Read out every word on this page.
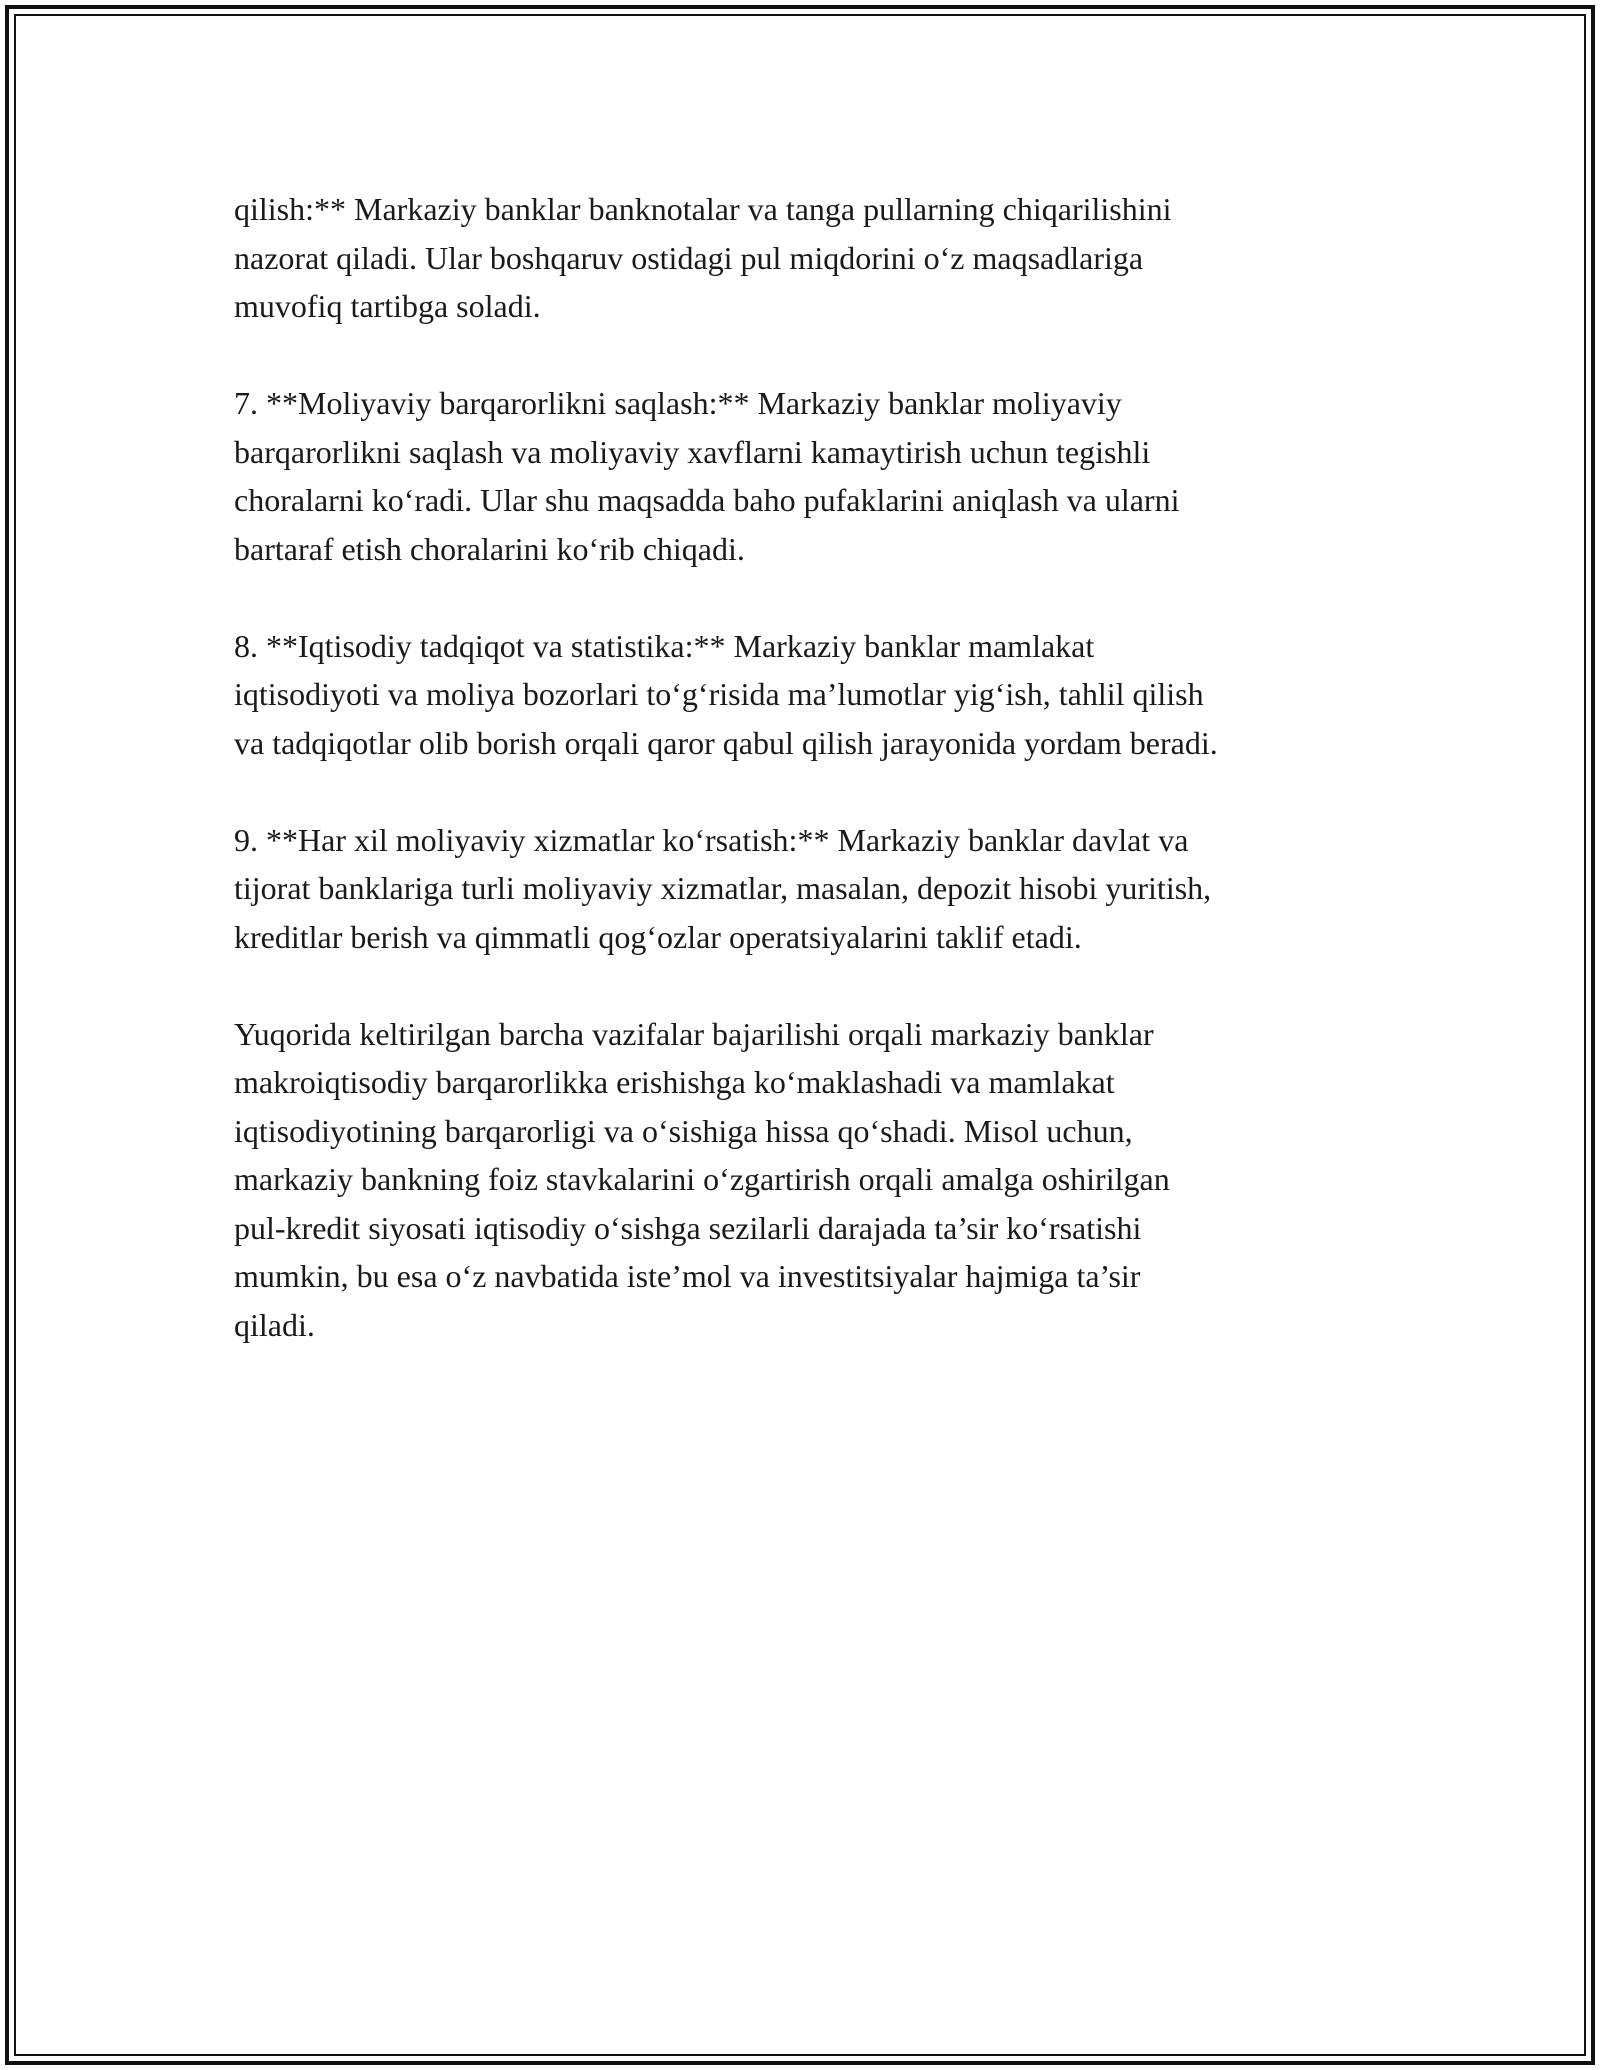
qilish:** Markaziy banklar banknotalar va tanga pullarning chiqarilishini
nazorat qiladi. Ular boshqaruv ostidagi pul miqdorini o‘z maqsadlariga
muvofiq tartibga soladi.

7. **Moliyaviy barqarorlikni saqlash:** Markaziy banklar moliyaviy
barqarorlikni saqlash va moliyaviy xavflarni kamaytirish uchun tegishli
choralarni ko‘radi. Ular shu maqsadda baho pufaklarini aniqlash va ularni
bartaraf etish choralarini ko‘rib chiqadi.

8. **Iqtisodiy tadqiqot va statistika:** Markaziy banklar mamlakat
iqtisodiyoti va moliya bozorlari to‘g‘risida ma’lumotlar yig‘ish, tahlil qilish
va tadqiqotlar olib borish orqali qaror qabul qilish jarayonida yordam beradi.

9. **Har xil moliyaviy xizmatlar ko‘rsatish:** Markaziy banklar davlat va
tijorat banklariga turli moliyaviy xizmatlar, masalan, depozit hisobi yuritish,
kreditlar berish va qimmatli qog‘ozlar operatsiyalarini taklif etadi.

Yuqorida keltirilgan barcha vazifalar bajarilishi orqali markaziy banklar
makroiqtisodiy barqarorlikka erishishga ko‘maklashadi va mamlakat
iqtisodiyotining barqarorligi va o‘sishiga hissa qo‘shadi. Misol uchun,
markaziy bankning foiz stavkalarini o‘zgartirish orqali amalga oshirilgan
pul-kredit siyosati iqtisodiy o‘sishga sezilarli darajada ta’sir ko‘rsatishi
mumkin, bu esa o‘z navbatida iste’mol va investitsiyalar hajmiga ta’sir
qiladi.
